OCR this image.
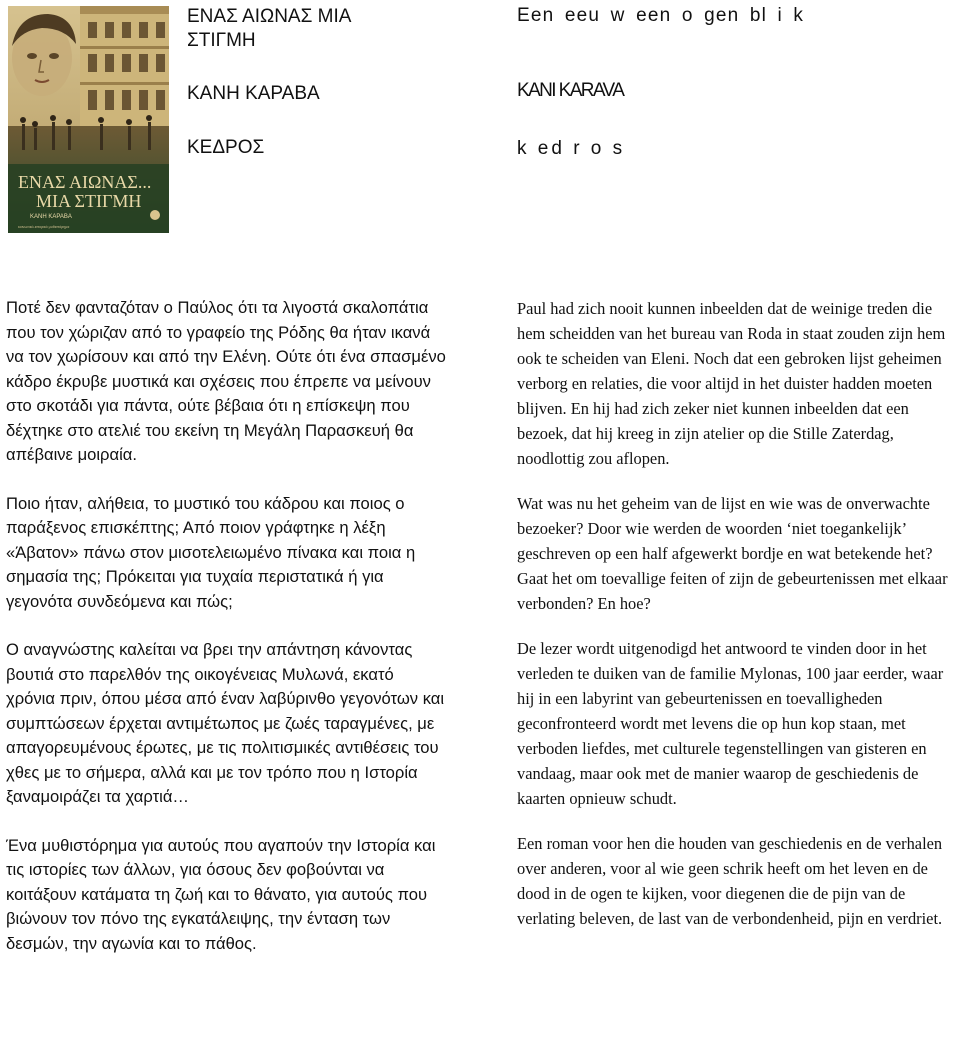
ΕΝΑΣ ΑΙΩΝΑΣ...
ΜΙΑ ΣΤΙΓΜΗ
ΚΑΝΗ ΚΑΡΑΒΑ
κοινωνικό-ιστορικό μυθιστόρημα
ΕΝΑΣ ΑΙΩΝΑΣ ΜΙΑ
ΣΤΙΓΜΗ
ΚΑΝΗ ΚΑΡΑΒΑ
ΚΕΔΡΟΣ
Een eeu w een o gen bl i k
KANI KARAVA
k ed r o s

Ποτέ δεν φανταζόταν ο Παύλος ότι τα λιγοστά σκαλοπάτια που τον χώριζαν από το γραφείο της Ρόδης θα ήταν ικανά να τον χωρίσουν και από την Ελένη. Ούτε ότι ένα σπασμένο κάδρο έκρυβε μυστικά και σχέσεις που έπρεπε να μείνουν στο σκοτάδι για πάντα, ούτε βέβαια ότι η επίσκεψη που δέχτηκε στο ατελιέ του εκείνη τη Μεγάλη Παρασκευή θα απέβαινε μοιραία.

Ποιο ήταν, αλήθεια, το μυστικό του κάδρου και ποιος ο παράξενος επισκέπτης; Από ποιον γράφτηκε η λέξη «Άβατον» πάνω στον μισοτελειωμένο πίνακα και ποια η σημασία της; Πρόκειται για τυχαία περιστατικά ή για γεγονότα συνδεόμενα και πώς;

Ο αναγνώστης καλείται να βρει την απάντηση κάνοντας βουτιά στο παρελθόν της οικογένειας Μυλωνά, εκατό χρόνια πριν, όπου μέσα από έναν λαβύρινθο γεγονότων και συμπτώσεων έρχεται αντιμέτωπος με ζωές ταραγμένες, με απαγορευμένους έρωτες, με τις πολιτισμικές αντιθέσεις του χθες με το σήμερα, αλλά και με τον τρόπο που η Ιστορία ξαναμοιράζει τα χαρτιά…

Ένα μυθιστόρημα για αυτούς που αγαπούν την Ιστορία και τις ιστορίες των άλλων, για όσους δεν φοβούνται να κοιτάξουν κατάματα τη ζωή και το θάνατο, για αυτούς που βιώνουν τον πόνο της εγκατάλειψης, την ένταση των δεσμών, την αγωνία και το πάθος.

Paul had zich nooit kunnen inbeelden dat de weinige treden die hem scheidden van het bureau van Roda in staat zouden zijn hem ook te scheiden van Eleni. Noch dat een gebroken lijst geheimen verborg en relaties, die voor altijd in het duister hadden moeten blijven. En hij had zich zeker niet kunnen inbeelden dat een bezoek, dat hij kreeg in zijn atelier op die Stille Zaterdag, noodlottig zou aflopen.

Wat was nu het geheim van de lijst en wie was de onverwachte bezoeker? Door wie werden de woorden ‘niet toegankelijk’ geschreven op een half afgewerkt bordje en wat betekende het? Gaat het om toevallige feiten of zijn de gebeurtenissen met elkaar verbonden? En hoe?

De lezer wordt uitgenodigd het antwoord te vinden door in het verleden te duiken van de familie Mylonas, 100 jaar eerder, waar hij in een labyrint van gebeurtenissen en toevalligheden geconfronteerd wordt met levens die op hun kop staan, met verboden liefdes, met culturele tegenstellingen van gisteren en vandaag, maar ook met de manier waarop de geschiedenis de kaarten opnieuw schudt.

Een roman voor hen die houden van geschiedenis en de verhalen over anderen, voor al wie geen schrik heeft om het leven en de dood in de ogen te kijken, voor diegenen die de pijn van de verlating beleven, de last van de verbondenheid, pijn en verdriet.
